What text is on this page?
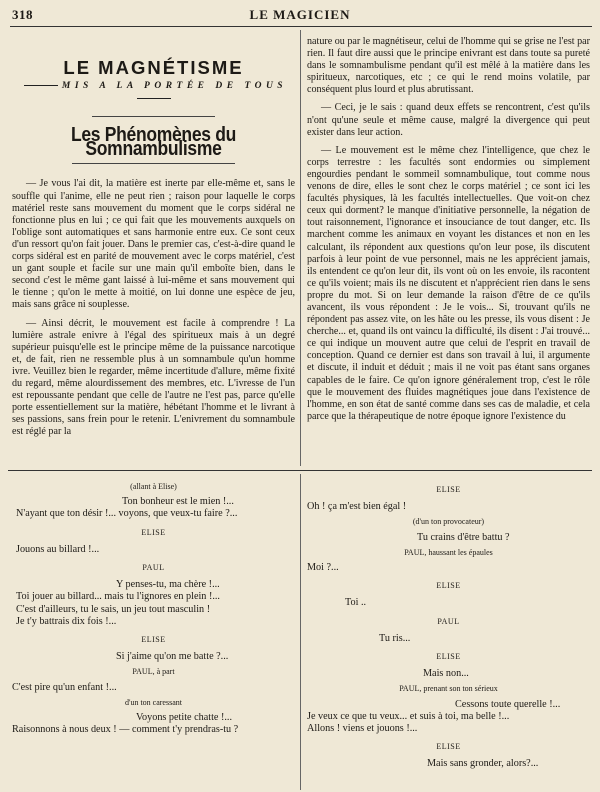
318	LE MAGICIEN
LE MAGNÉTISME
MIS A LA PORTÉE DE TOUS
Les Phénomènes du Somnambulisme

— Je vous l'ai dit, la matière est inerte par elle-même et, sans le souffle qui l'anime, elle ne peut rien ; raison pour laquelle le corps matériel reste sans mouvement du moment que le corps sidéral ne fonctionne plus en lui ; ce qui fait que les mouvements auxquels on l'oblige sont automatiques et sans harmonie entre eux. Ce sont ceux d'un ressort qu'on fait jouer. Dans le premier cas, c'est-à-dire quand le corps sidéral est en parité de mouvement avec le corps matériel, c'est un gant souple et facile sur une main qu'il emboîte bien, dans le second c'est le même gant laissé à lui-même et sans mouvement qui le tienne ; qu'on le mette à moitié, on lui donne une espèce de jeu, mais sans grâce ni souplesse.

— Ainsi décrit, le mouvement est facile à comprendre ! La lumière astrale enivre à l'égal des spiritueux mais à un degré supérieur puisqu'elle est le principe même de la puissance narcotique et, de fait, rien ne ressemble plus à un somnambule qu'un homme ivre. Veuillez bien le regarder, même incertitude d'allure, même fixité du regard, même alourdissement des membres, etc. L'ivresse de l'un est repoussante pendant que celle de l'autre ne l'est pas, parce qu'elle porte essentiellement sur la matière, hébétant l'homme et le livrant à ses passions, sans frein pour le retenir. L'enivrement du somnambule est réglé par la

nature ou par le magnétiseur, celui de l'homme qui se grise ne l'est par rien. Il faut dire aussi que le principe enivrant est dans toute sa pureté dans le somnambulisme pendant qu'il est mêlé à la matière dans les spiritueux, narcotiques, etc ; ce qui le rend moins volatile, par conséquent plus lourd et plus abrutissant.

— Ceci, je le sais : quand deux effets se rencontrent, c'est qu'ils n'ont qu'une seule et même cause, malgré la divergence qui peut exister dans leur action.

— Le mouvement est le même chez l'intelligence, que chez le corps terrestre : les facultés sont endormies ou simplement engourdies pendant le sommeil somnambulique, tout comme nous venons de dire, elles le sont chez le corps matériel ; ce sont ici les facultés physiques, là les facultés intellectuelles. Que voit-on chez ceux qui dorment? le manque d'initiative personnelle, la négation de tout raisonnement, l'ignorance et insouciance de tout danger, etc. Ils marchent comme les animaux en voyant les distances et non en les calculant, ils répondent aux questions qu'on leur pose, ils discutent parfois à leur point de vue personnel, mais ne les apprécient jamais, ils entendent ce qu'on leur dit, ils vont où on les envoie, ils racontent ce qu'ils voient; mais ils ne discutent et n'apprécient rien dans le sens propre du mot. Si on leur demande la raison d'être de ce qu'ils avancent, ils vous répondent : Je le vois... Si, trouvant qu'ils ne répondent pas assez vite, on les hâte ou les presse, ils vous disent : Je cherche... et, quand ils ont vaincu la difficulté, ils disent : J'ai trouvé... ce qui indique un mouvent autre que celui de l'esprit en travail de conception. Quand ce dernier est dans son travail à lui, il argumente et discute, il induit et déduit ; mais il ne voit pas étant sans organes capables de le faire. Ce qu'on ignore généralement trop, c'est le rôle que le mouvement des fluides magnétiques joue dans l'existence de l'homme, en son état de santé comme dans ses cas de maladie, et cela parce que la thérapeutique de notre époque ignore l'existence du

(allant à Elise)
Ton bonheur est le mien !...
N'ayant que ton désir !... voyons, que veux-tu faire ?...
ELISE
Jouons au billard !...
PAUL
Y penses-tu, ma chère !...
Toi jouer au billard... mais tu l'ignores en plein !...
C'est d'ailleurs, tu le sais, un jeu tout masculin !
Je t'y battrais dix fois !...
ELISE
Si j'aime qu'on me batte ?...
PAUL, à part
C'est pire qu'un enfant !...
d'un ton caressant
Voyons petite chatte !...
Raisonnons à nous deux ! — comment t'y prendras-tu ?
ELISE
Oh ! ça m'est bien égal !
(d'un ton provocateur)
Tu crains d'être battu ?
PAUL, haussant les épaules
Moi ?...
ELISE
Toi ..
PAUL
Tu ris...
ELISE
Mais non...
PAUL, prenant son ton sérieux
Cessons toute querelle !...
Je veux ce que tu veux... et suis à toi, ma belle !...
Allons ! viens et jouons !...
ELISE
Mais sans gronder, alors?...
